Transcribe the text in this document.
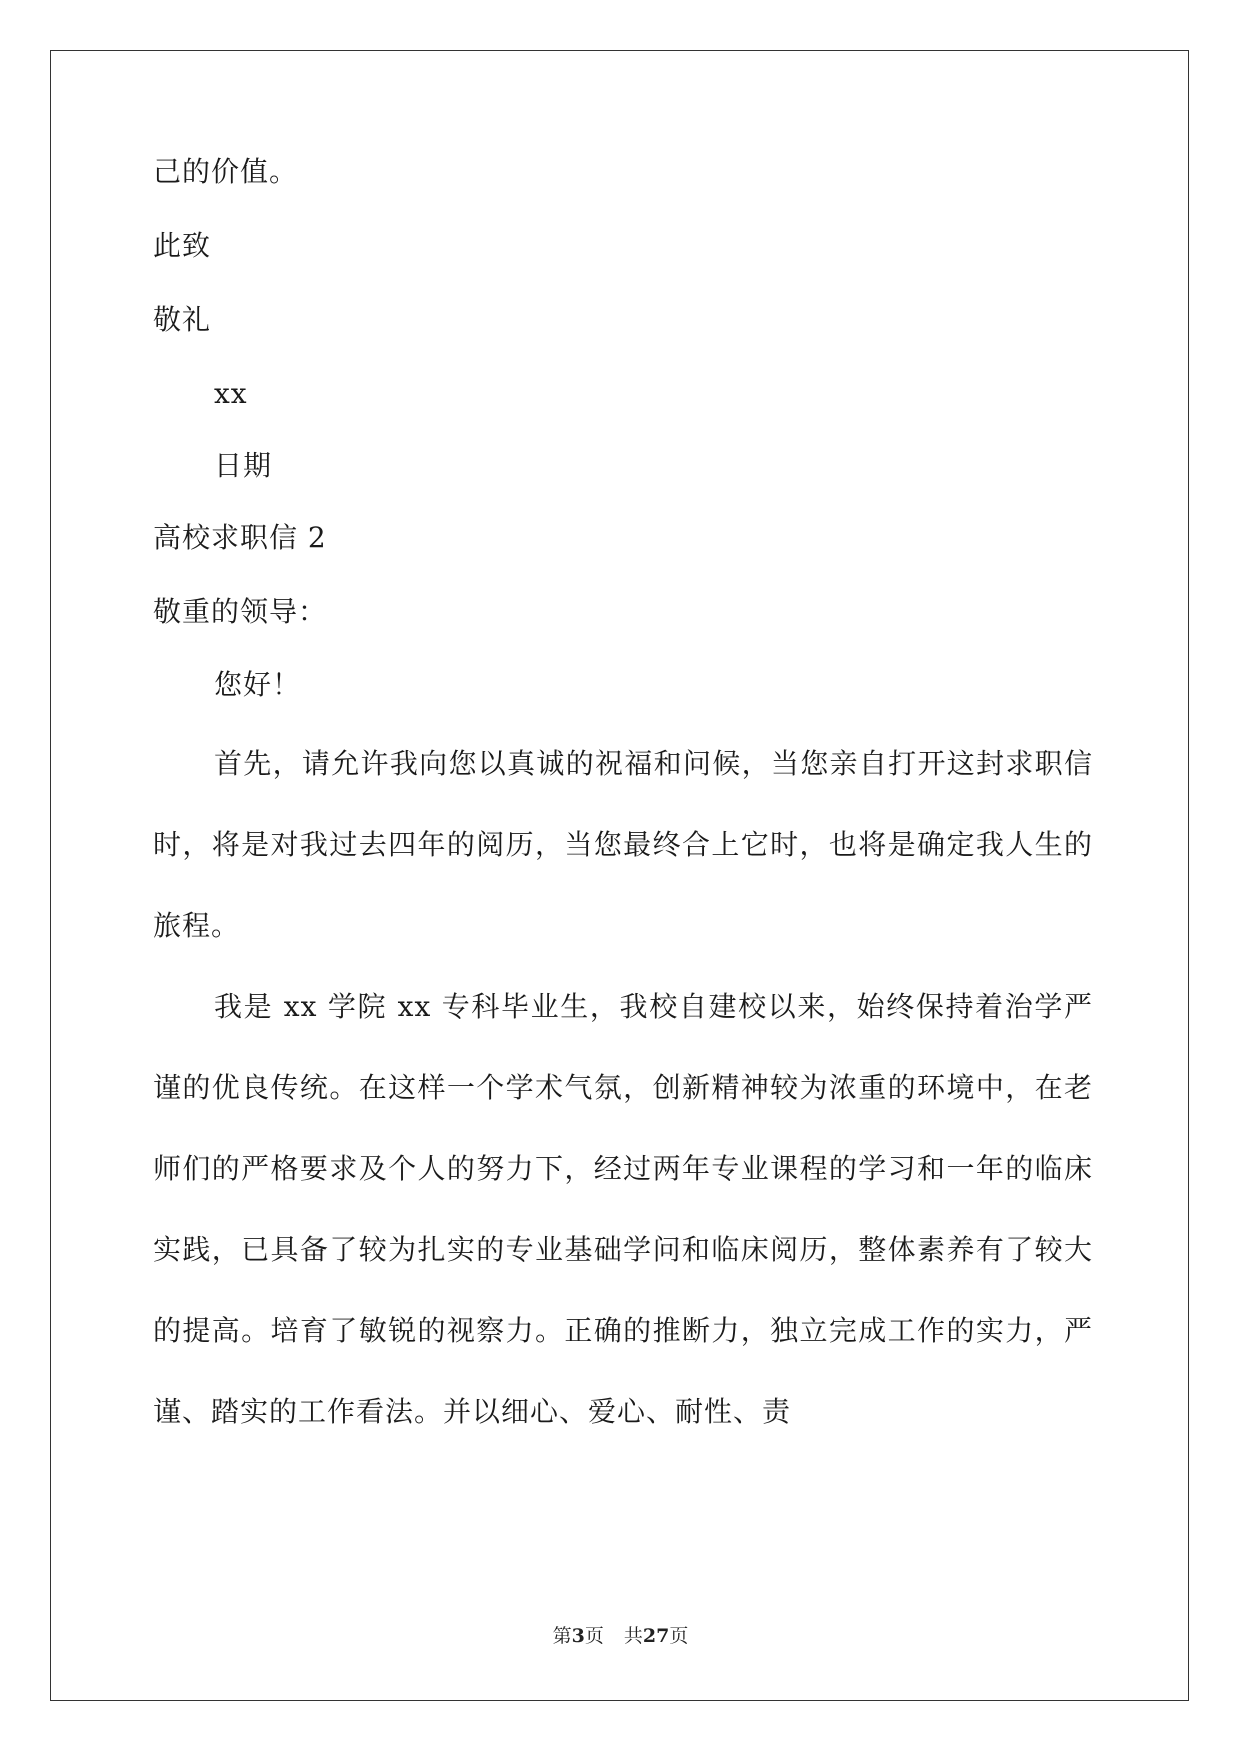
己的价值。
此致
敬礼
xx
日期
高校求职信 2
敬重的领导：
您好！

首先，请允许我向您以真诚的祝福和问候，当您亲自打开这封求职信时，将是对我过去四年的阅历，当您最终合上它时，也将是确定我人生的旅程。

我是 xx 学院 xx 专科毕业生，我校自建校以来，始终保持着治学严谨的优良传统。在这样一个学术气氛，创新精神较为浓重的环境中，在老师们的严格要求及个人的努力下，经过两年专业课程的学习和一年的临床实践，已具备了较为扎实的专业基础学问和临床阅历，整体素养有了较大的提高。培育了敏锐的视察力。正确的推断力，独立完成工作的实力，严谨、踏实的工作看法。并以细心、爱心、耐性、责

第3页 共27页
